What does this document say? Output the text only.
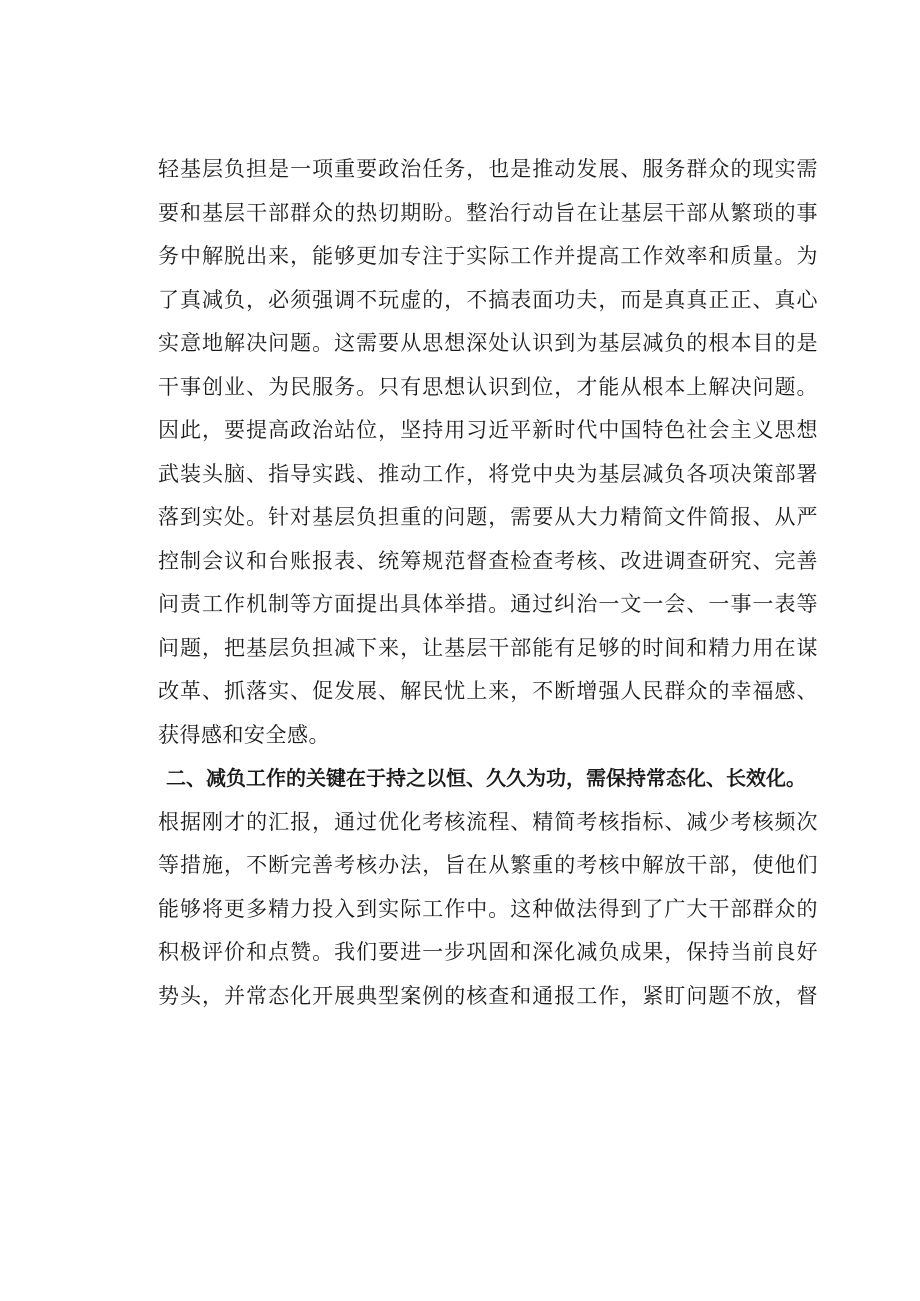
轻基层负担是一项重要政治任务，也是推动发展、服务群众的现实需
要和基层干部群众的热切期盼。整治行动旨在让基层干部从繁琐的事
务中解脱出来，能够更加专注于实际工作并提高工作效率和质量。为
了真减负，必须强调不玩虚的，不搞表面功夫，而是真真正正、真心
实意地解决问题。这需要从思想深处认识到为基层减负的根本目的是
干事创业、为民服务。只有思想认识到位，才能从根本上解决问题。
因此，要提高政治站位，坚持用习近平新时代中国特色社会主义思想
武装头脑、指导实践、推动工作，将党中央为基层减负各项决策部署
落到实处。针对基层负担重的问题，需要从大力精简文件简报、从严
控制会议和台账报表、统筹规范督查检查考核、改进调查研究、完善
问责工作机制等方面提出具体举措。通过纠治一文一会、一事一表等
问题，把基层负担减下来，让基层干部能有足够的时间和精力用在谋
改革、抓落实、促发展、解民忧上来，不断增强人民群众的幸福感、
获得感和安全感。
二、减负工作的关键在于持之以恒、久久为功，需保持常态化、长效化。
根据刚才的汇报，通过优化考核流程、精简考核指标、减少考核频次
等措施，不断完善考核办法，旨在从繁重的考核中解放干部，使他们
能够将更多精力投入到实际工作中。这种做法得到了广大干部群众的
积极评价和点赞。我们要进一步巩固和深化减负成果，保持当前良好
势头，并常态化开展典型案例的核查和通报工作，紧盯问题不放，督
